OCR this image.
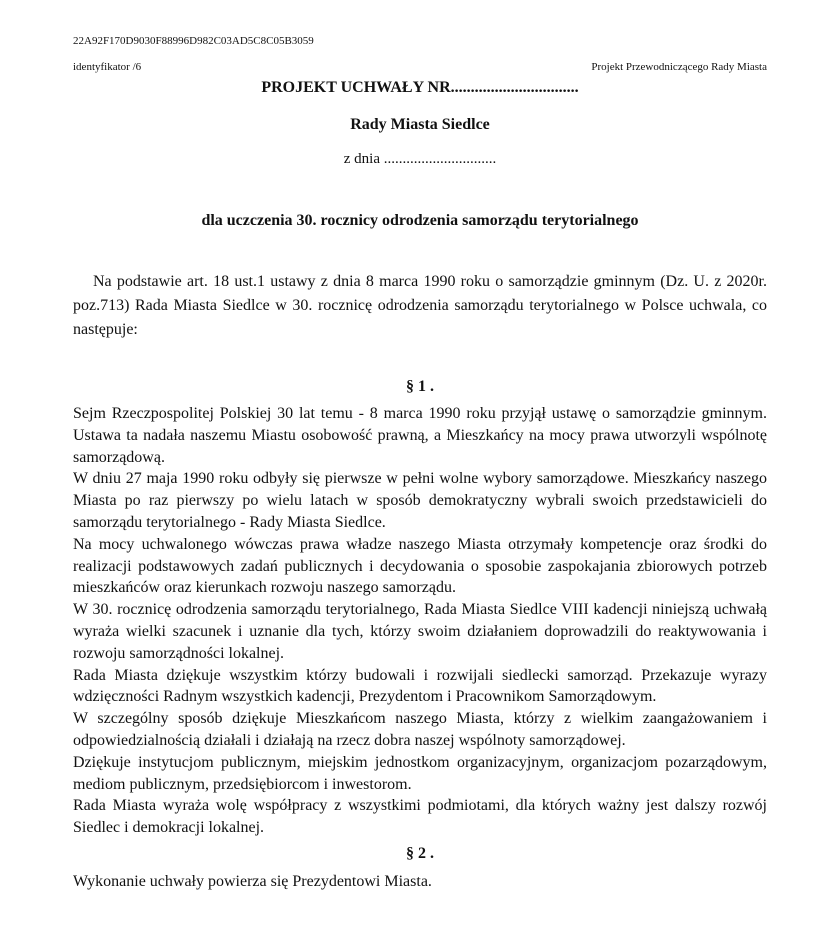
22A92F170D9030F88996D982C03AD5C8C05B3059
identyfikator /6	Projekt Przewodniczącego Rady Miasta
PROJEKT UCHWAŁY NR................................
Rady Miasta Siedlce
z dnia ..............................
dla uczczenia 30. rocznicy odrodzenia samorządu terytorialnego
Na podstawie art. 18 ust.1 ustawy z dnia 8 marca 1990 roku o samorządzie gminnym (Dz. U. z 2020r. poz.713) Rada Miasta Siedlce w 30. rocznicę odrodzenia samorządu terytorialnego w Polsce uchwala, co następuje:
§ 1 .

Sejm Rzeczpospolitej Polskiej 30 lat temu - 8 marca 1990 roku przyjął ustawę o samorządzie gminnym. Ustawa ta nadała naszemu Miastu osobowość prawną, a Mieszkańcy na mocy prawa utworzyli wspólnotę samorządową.

W dniu 27 maja 1990 roku odbyły się pierwsze w pełni wolne wybory samorządowe. Mieszkańcy naszego Miasta po raz pierwszy po wielu latach w sposób demokratyczny wybrali swoich przedstawicieli do samorządu terytorialnego - Rady Miasta Siedlce.

Na mocy uchwalonego wówczas prawa władze naszego Miasta otrzymały kompetencje oraz środki do realizacji podstawowych zadań publicznych i decydowania o sposobie zaspokajania zbiorowych potrzeb mieszkańców oraz kierunkach rozwoju naszego samorządu.

W 30. rocznicę odrodzenia samorządu terytorialnego, Rada Miasta Siedlce VIII kadencji niniejszą uchwałą wyraża wielki szacunek i uznanie dla tych, którzy swoim działaniem doprowadzili do reaktywowania i rozwoju samorządności lokalnej.

Rada Miasta dziękuje wszystkim którzy budowali i rozwijali siedlecki samorząd. Przekazuje wyrazy wdzięczności Radnym wszystkich kadencji, Prezydentom i Pracownikom Samorządowym.

W szczególny sposób dziękuje Mieszkańcom naszego Miasta, którzy z wielkim zaangażowaniem i odpowiedzialnością działali i działają na rzecz dobra naszej wspólnoty samorządowej.

Dziękuje instytucjom publicznym, miejskim jednostkom organizacyjnym, organizacjom pozarządowym, mediom publicznym, przedsiębiorcom i inwestorom.

Rada Miasta wyraża wolę współpracy z wszystkimi podmiotami, dla których ważny jest dalszy rozwój Siedlec i demokracji lokalnej.

§ 2 .
Wykonanie uchwały powierza się Prezydentowi Miasta.
